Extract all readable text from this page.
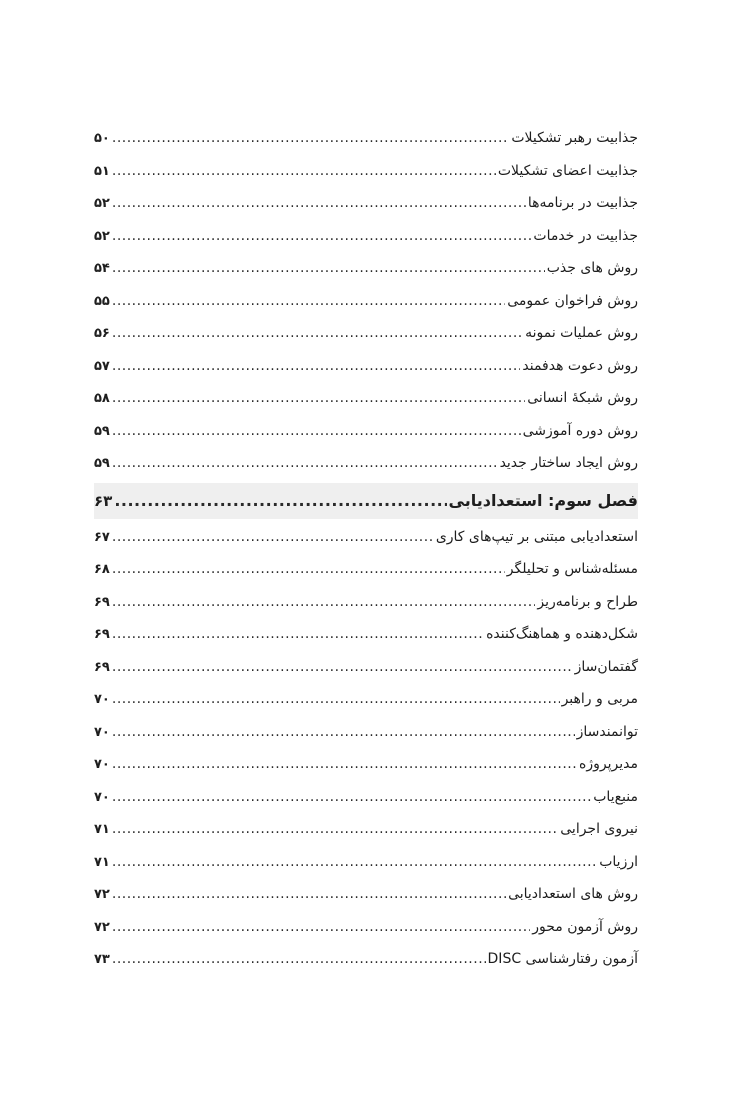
جذابیت رهبر تشکیلات
.....
۵۰
جذابیت اعضای تشکیلات
.....
۵۱
جذابیت در برنامه‌ها
.....
۵۲
جذابیت در خدمات
.....
۵۲
روش های جذب
.....
۵۴
روش فراخوان عمومی
.....
۵۵
روش عملیات نمونه
.....
۵۶
روش دعوت هدفمند
.....
۵۷
روش شبکهٔ انسانی
.....
۵۸
روش دوره آموزشی
.....
۵۹
روش ایجاد ساختار جدید
.....
۵۹
فصل سوم: استعدادیابی
.....
۶۳
استعدادیابی مبتنی بر تیپ‌های کاری
.....
۶۷
مسئله‌شناس و تحلیلگر
.....
۶۸
طراح و برنامه‌ریز
.....
۶۹
شکل‌دهنده و هماهنگ‌کننده
.....
۶۹
گفتمان‌ساز
.....
۶۹
مربی و راهبر
.....
۷۰
توانمندساز
.....
۷۰
مدیرپروژه
.....
۷۰
منبع‌یاب
.....
۷۰
نیروی اجرایی
.....
۷۱
ارزیاب
.....
۷۱
روش های استعدادیابی
.....
۷۲
روش آزمون محور
.....
۷۲
آزمون رفتارشناسی DISC
.....
۷۳
